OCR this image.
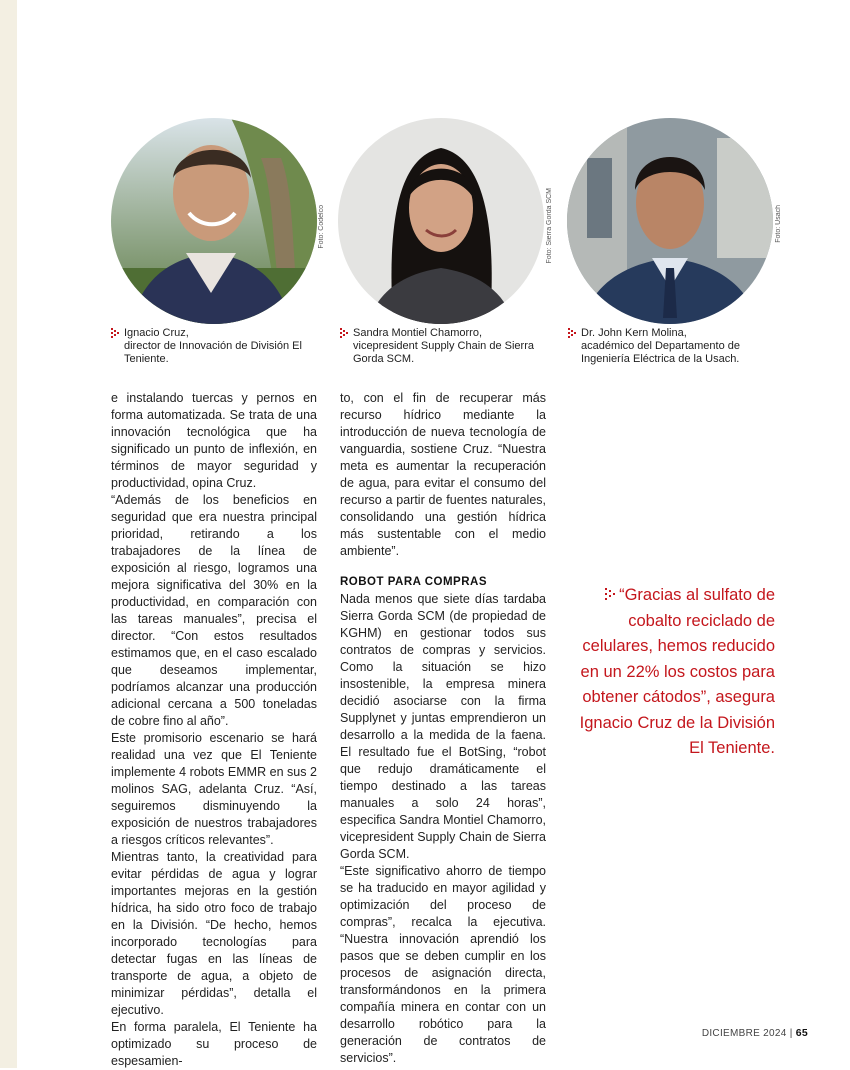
Foto: Codelco	Foto: Sierra Gorda SCM	Foto: Usach
Ignacio Cruz,
director de Innovación de División El Teniente.
Sandra Montiel Chamorro,
vicepresident Supply Chain de Sierra Gorda SCM.
Dr. John Kern Molina,
académico del Departamento de Ingeniería Eléctrica de la Usach.

e instalando tuercas y pernos en forma automatizada. Se trata de una innovación tecnológica que ha significado un punto de inflexión, en términos de mayor seguridad y productividad, opina Cruz.

“Además de los beneficios en seguridad que era nuestra principal prioridad, retirando a los trabajadores de la línea de exposición al riesgo, logramos una mejora significativa del 30% en la productividad, en comparación con las tareas manuales”, precisa el director. “Con estos resultados estimamos que, en el caso escalado que deseamos implementar, podríamos alcanzar una producción adicional cercana a 500 toneladas de cobre fino al año”.

Este promisorio escenario se hará realidad una vez que El Teniente implemente 4 robots EMMR en sus 2 molinos SAG, adelanta Cruz. “Así, seguiremos disminuyendo la exposición de nuestros trabajadores a riesgos críticos relevantes”.

Mientras tanto, la creatividad para evitar pérdidas de agua y lograr importantes mejoras en la gestión hídrica, ha sido otro foco de trabajo en la División. “De hecho, hemos incorporado tecnologías para detectar fugas en las líneas de transporte de agua, a objeto de minimizar pérdidas”, detalla el ejecutivo.

En forma paralela, El Teniente ha optimizado su proceso de espesamien-

to, con el fin de recuperar más recurso hídrico mediante la introducción de nueva tecnología de vanguardia, sostiene Cruz. “Nuestra meta es aumentar la recuperación de agua, para evitar el consumo del recurso a partir de fuentes naturales, consolidando una gestión hídrica más sustentable con el medio ambiente”.

ROBOT PARA COMPRAS

Nada menos que siete días tardaba Sierra Gorda SCM (de propiedad de KGHM) en gestionar todos sus contratos de compras y servicios. Como la situación se hizo insostenible, la empresa minera decidió asociarse con la firma Supplynet y juntas emprendieron un desarrollo a la medida de la faena. El resultado fue el BotSing, “robot que redujo dramáticamente el tiempo destinado a las tareas manuales a solo 24 horas”, especifica Sandra Montiel Chamorro, vicepresident Supply Chain de Sierra Gorda SCM.

“Este significativo ahorro de tiempo se ha traducido en mayor agilidad y optimización del proceso de compras”, recalca la ejecutiva. “Nuestra innovación aprendió los pasos que se deben cumplir en los procesos de asignación directa, transformándonos en la primera compañía minera en contar con un desarrollo robótico para la generación de contratos de servicios”.

“Gracias al sulfato de cobalto reciclado de celulares, hemos reducido en un 22% los costos para obtener cátodos”, asegura Ignacio Cruz de la División El Teniente.
DICIEMBRE 2024 | 65
